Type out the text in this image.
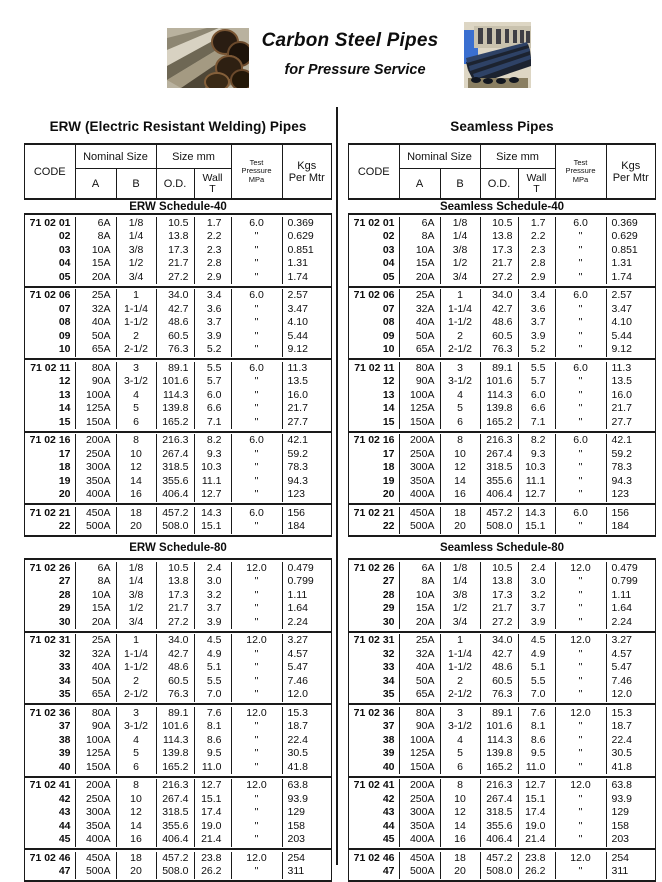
Carbon Steel Pipes
for Pressure Service
ERW (Electric Resistant Welding) Pipes
CODE
Nominal Size	Size mm
A	B	O.D.	Wall
T
Test
Pressure
MPa
Kgs
Per Mtr
ERW Schedule-40
71 02 01	6A	1/8	10.5	1.7	6.0	0.369
02	8A	1/4	13.8	2.2	"	0.629
03	10A	3/8	17.3	2.3	"	0.851
04	15A	1/2	21.7	2.8	"	1.31
05	20A	3/4	27.2	2.9	"	1.74
71 02 06	25A	1	34.0	3.4	6.0	2.57
07	32A	1-1/4	42.7	3.6	"	3.47
08	40A	1-1/2	48.6	3.7	"	4.10
09	50A	2	60.5	3.9	"	5.44
10	65A	2-1/2	76.3	5.2	"	9.12
71 02 11	80A	3	89.1	5.5	6.0	11.3
12	90A	3-1/2	101.6	5.7	"	13.5
13	100A	4	114.3	6.0	"	16.0
14	125A	5	139.8	6.6	"	21.7
15	150A	6	165.2	7.1	"	27.7
71 02 16	200A	8	216.3	8.2	6.0	42.1
17	250A	10	267.4	9.3	"	59.2
18	300A	12	318.5	10.3	"	78.3
19	350A	14	355.6	11.1	"	94.3
20	400A	16	406.4	12.7	"	123
71 02 21	450A	18	457.2	14.3	6.0	156
22	500A	20	508.0	15.1	"	184
ERW Schedule-80
71 02 26	6A	1/8	10.5	2.4	12.0	0.479
27	8A	1/4	13.8	3.0	"	0.799
28	10A	3/8	17.3	3.2	"	1.11
29	15A	1/2	21.7	3.7	"	1.64
30	20A	3/4	27.2	3.9	"	2.24
71 02 31	25A	1	34.0	4.5	12.0	3.27
32	32A	1-1/4	42.7	4.9	"	4.57
33	40A	1-1/2	48.6	5.1	"	5.47
34	50A	2	60.5	5.5	"	7.46
35	65A	2-1/2	76.3	7.0	"	12.0
71 02 36	80A	3	89.1	7.6	12.0	15.3
37	90A	3-1/2	101.6	8.1	"	18.7
38	100A	4	114.3	8.6	"	22.4
39	125A	5	139.8	9.5	"	30.5
40	150A	6	165.2	11.0	"	41.8
71 02 41	200A	8	216.3	12.7	12.0	63.8
42	250A	10	267.4	15.1	"	93.9
43	300A	12	318.5	17.4	"	129
44	350A	14	355.6	19.0	"	158
45	400A	16	406.4	21.4	"	203
71 02 46	450A	18	457.2	23.8	12.0	254
47	500A	20	508.0	26.2	"	311
Seamless Pipes
CODE
Nominal Size	Size mm
A	B	O.D.	Wall
T
Test
Pressure
MPa
Kgs
Per Mtr
Seamless Schedule-40
71 02 01	6A	1/8	10.5	1.7	6.0	0.369
02	8A	1/4	13.8	2.2	"	0.629
03	10A	3/8	17.3	2.3	"	0.851
04	15A	1/2	21.7	2.8	"	1.31
05	20A	3/4	27.2	2.9	"	1.74
71 02 06	25A	1	34.0	3.4	6.0	2.57
07	32A	1-1/4	42.7	3.6	"	3.47
08	40A	1-1/2	48.6	3.7	"	4.10
09	50A	2	60.5	3.9	"	5.44
10	65A	2-1/2	76.3	5.2	"	9.12
71 02 11	80A	3	89.1	5.5	6.0	11.3
12	90A	3-1/2	101.6	5.7	"	13.5
13	100A	4	114.3	6.0	"	16.0
14	125A	5	139.8	6.6	"	21.7
15	150A	6	165.2	7.1	"	27.7
71 02 16	200A	8	216.3	8.2	6.0	42.1
17	250A	10	267.4	9.3	"	59.2
18	300A	12	318.5	10.3	"	78.3
19	350A	14	355.6	11.1	"	94.3
20	400A	16	406.4	12.7	"	123
71 02 21	450A	18	457.2	14.3	6.0	156
22	500A	20	508.0	15.1	"	184
Seamless Schedule-80
71 02 26	6A	1/8	10.5	2.4	12.0	0.479
27	8A	1/4	13.8	3.0	"	0.799
28	10A	3/8	17.3	3.2	"	1.11
29	15A	1/2	21.7	3.7	"	1.64
30	20A	3/4	27.2	3.9	"	2.24
71 02 31	25A	1	34.0	4.5	12.0	3.27
32	32A	1-1/4	42.7	4.9	"	4.57
33	40A	1-1/2	48.6	5.1	"	5.47
34	50A	2	60.5	5.5	"	7.46
35	65A	2-1/2	76.3	7.0	"	12.0
71 02 36	80A	3	89.1	7.6	12.0	15.3
37	90A	3-1/2	101.6	8.1	"	18.7
38	100A	4	114.3	8.6	"	22.4
39	125A	5	139.8	9.5	"	30.5
40	150A	6	165.2	11.0	"	41.8
71 02 41	200A	8	216.3	12.7	12.0	63.8
42	250A	10	267.4	15.1	"	93.9
43	300A	12	318.5	17.4	"	129
44	350A	14	355.6	19.0	"	158
45	400A	16	406.4	21.4	"	203
71 02 46	450A	18	457.2	23.8	12.0	254
47	500A	20	508.0	26.2	"	311
